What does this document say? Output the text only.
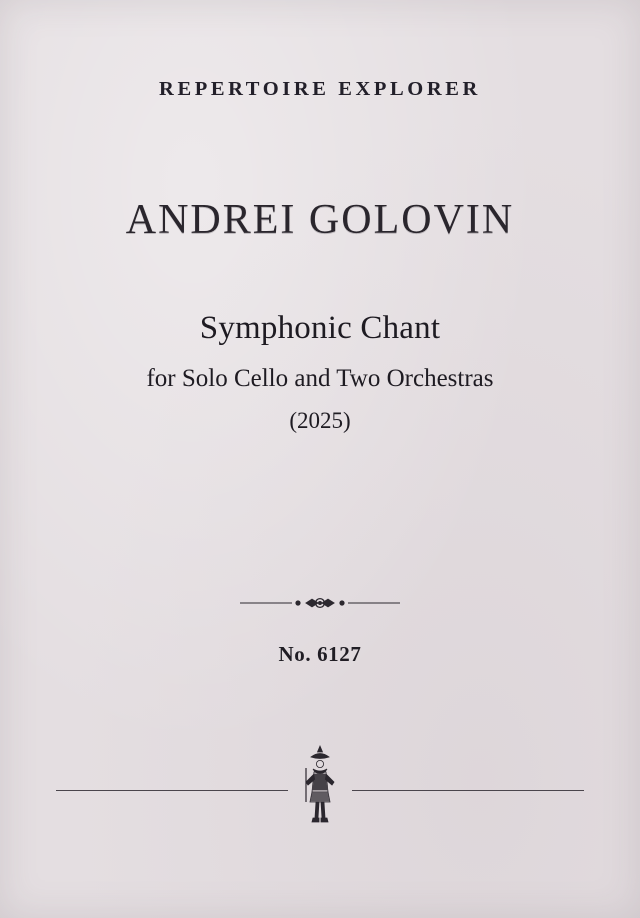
REPERTOIRE EXPLORER
ANDREI GOLOVIN
Symphonic Chant
for Solo Cello and Two Orchestras
(2025)
No. 6127
